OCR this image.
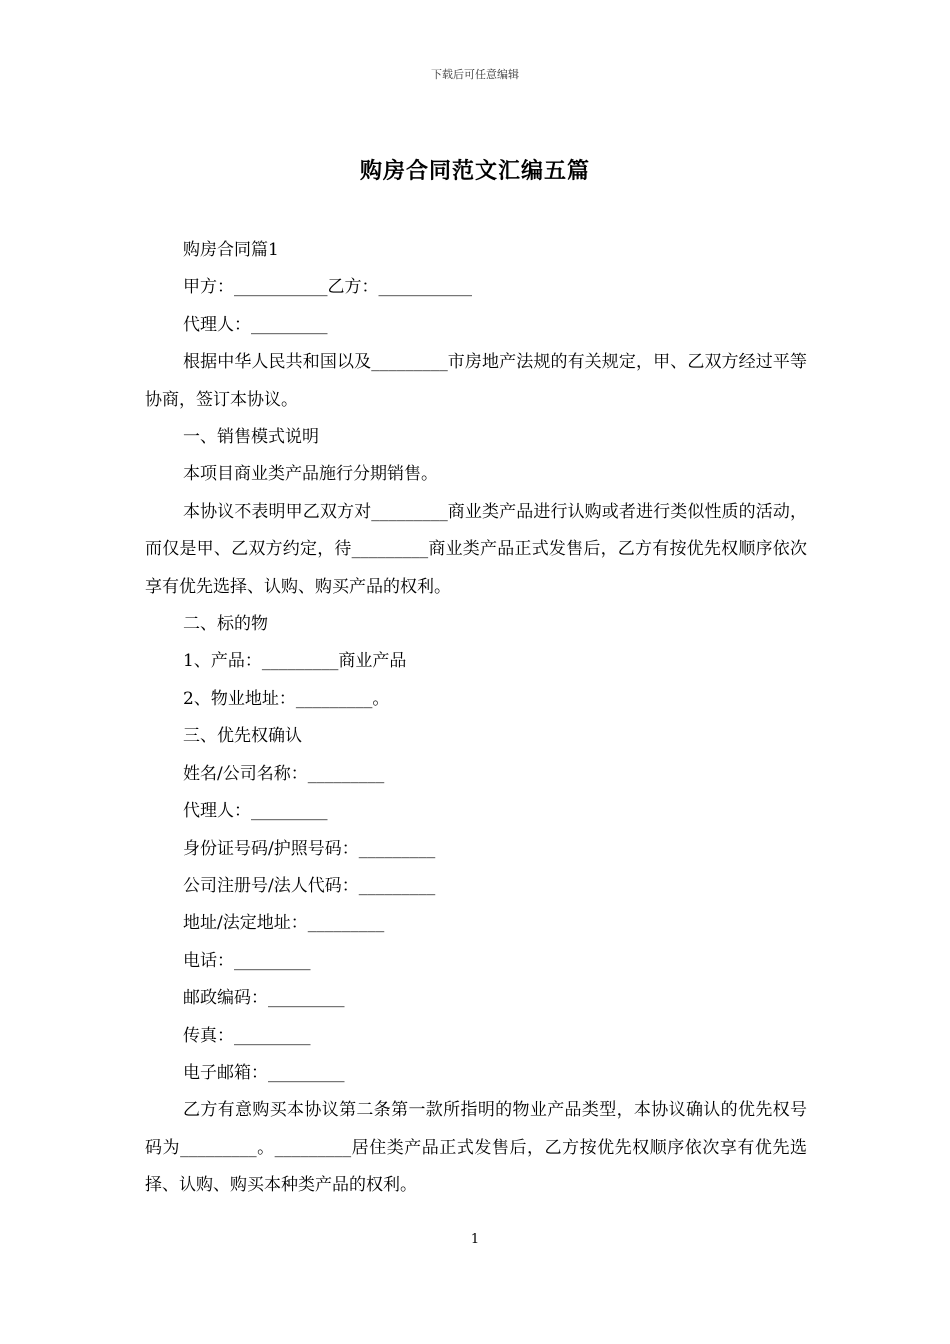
下载后可任意编辑
购房合同范文汇编五篇

购房合同篇1

甲方：___________乙方：___________

代理人：_________

根据中华人民共和国以及_________市房地产法规的有关规定，甲、乙双方经过平等协商，签订本协议。

一、销售模式说明

本项目商业类产品施行分期销售。

本协议不表明甲乙双方对_________商业类产品进行认购或者进行类似性质的活动，而仅是甲、乙双方约定，待_________商业类产品正式发售后，乙方有按优先权顺序依次享有优先选择、认购、购买产品的权利。

二、标的物

1、产品：_________商业产品

2、物业地址：_________。

三、优先权确认

姓名/公司名称：_________

代理人：_________

身份证号码/护照号码：_________

公司注册号/法人代码：_________

地址/法定地址：_________

电话：_________

邮政编码：_________

传真：_________

电子邮箱：_________

乙方有意购买本协议第二条第一款所指明的物业产品类型，本协议确认的优先权号码为_________。_________居住类产品正式发售后，乙方按优先权顺序依次享有优先选择、认购、购买本种类产品的权利。

1
